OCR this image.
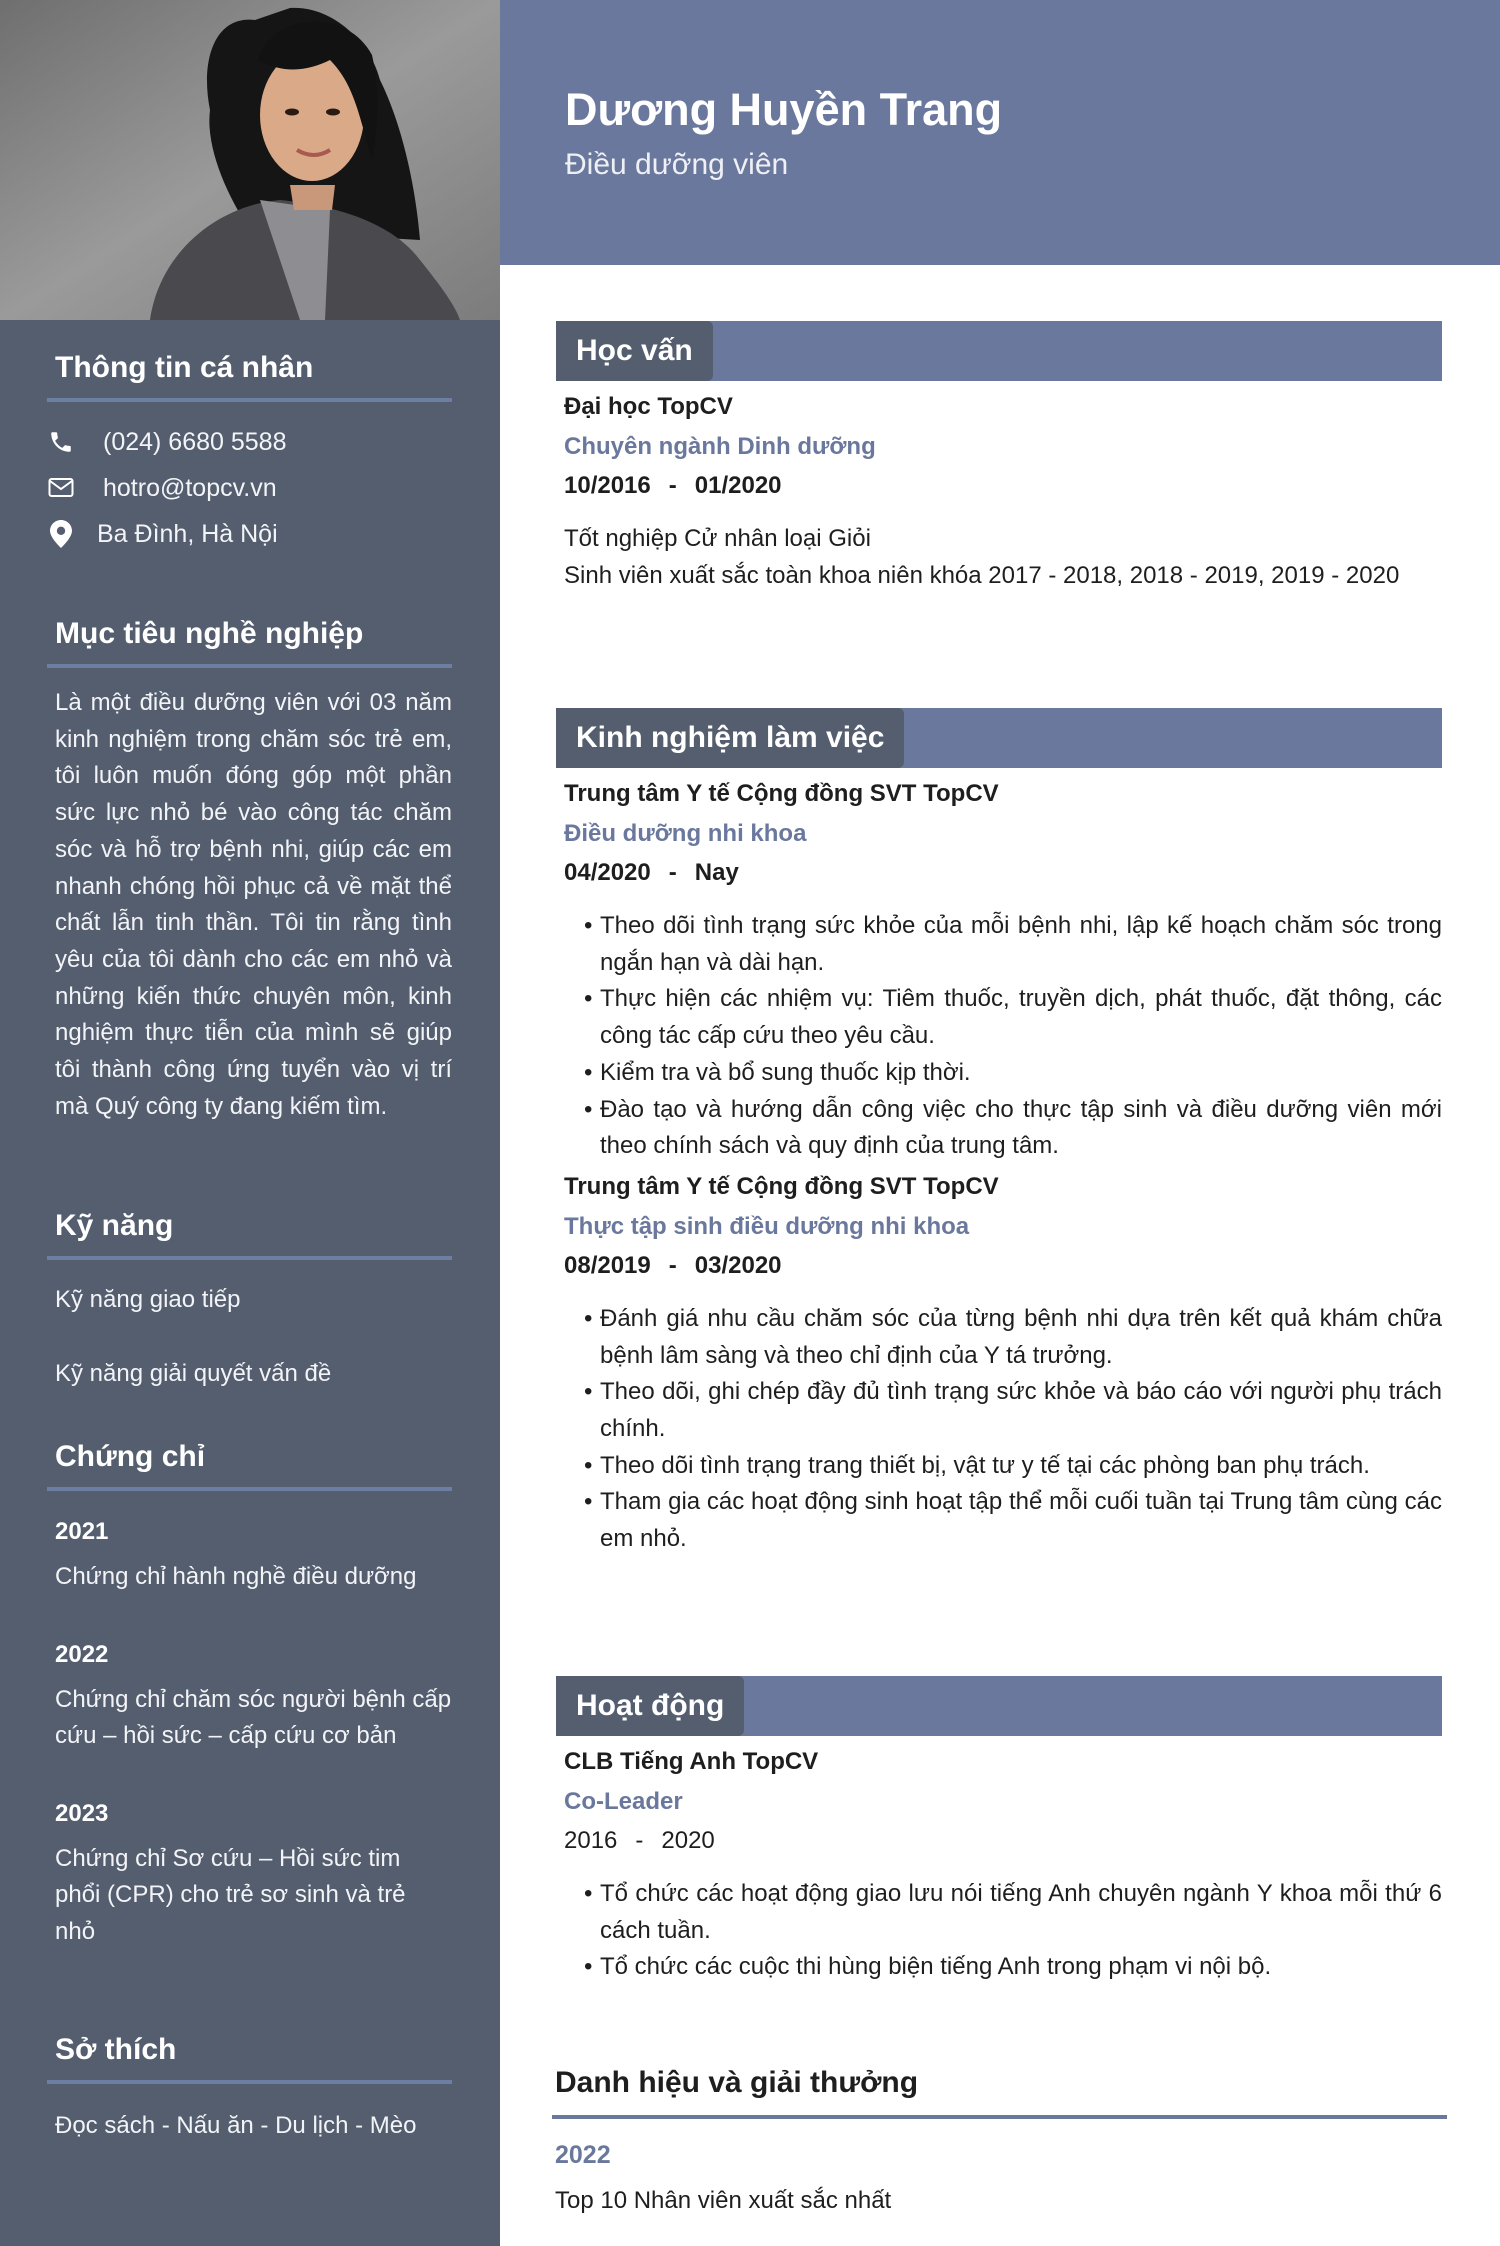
Thông tin cá nhân
(024) 6680 5588
hotro@topcv.vn
Ba Đình, Hà Nội
Mục tiêu nghề nghiệp

Là một điều dưỡng viên với 03 năm kinh nghiệm trong chăm sóc trẻ em, tôi luôn muốn đóng góp một phần sức lực nhỏ bé vào công tác chăm sóc và hỗ trợ bệnh nhi, giúp các em nhanh chóng hồi phục cả về mặt thể chất lẫn tinh thần. Tôi tin rằng tình yêu của tôi dành cho các em nhỏ và những kiến thức chuyên môn, kinh nghiệm thực tiễn của mình sẽ giúp tôi thành công ứng tuyển vào vị trí mà Quý công ty đang kiếm tìm.

Kỹ năng
Kỹ năng giao tiếp
Kỹ năng giải quyết vấn đề
Chứng chỉ
2021
Chứng chỉ hành nghề điều dưỡng
2022
Chứng chỉ chăm sóc người bệnh cấp cứu – hồi sức – cấp cứu cơ bản
2023
Chứng chỉ Sơ cứu – Hồi sức tim phổi (CPR) cho trẻ sơ sinh và trẻ nhỏ
Sở thích
Đọc sách - Nấu ăn - Du lịch - Mèo
Dương Huyền Trang
Điều dưỡng viên
Học vấn
Đại học TopCV
Chuyên ngành Dinh dưỡng
10/2016 - 01/2020
Tốt nghiệp Cử nhân loại Giỏi
Sinh viên xuất sắc toàn khoa niên khóa 2017 - 2018, 2018 - 2019, 2019 - 2020
Kinh nghiệm làm việc
Trung tâm Y tế Cộng đồng SVT TopCV
Điều dưỡng nhi khoa
04/2020 - Nay
• Theo dõi tình trạng sức khỏe của mỗi bệnh nhi, lập kế hoạch chăm sóc trong ngắn hạn và dài hạn.
• Thực hiện các nhiệm vụ: Tiêm thuốc, truyền dịch, phát thuốc, đặt thông, các công tác cấp cứu theo yêu cầu.
• Kiểm tra và bổ sung thuốc kịp thời.
• Đào tạo và hướng dẫn công việc cho thực tập sinh và điều dưỡng viên mới theo chính sách và quy định của trung tâm.
Trung tâm Y tế Cộng đồng SVT TopCV
Thực tập sinh điều dưỡng nhi khoa
08/2019 - 03/2020
• Đánh giá nhu cầu chăm sóc của từng bệnh nhi dựa trên kết quả khám chữa bệnh lâm sàng và theo chỉ định của Y tá trưởng.
• Theo dõi, ghi chép đầy đủ tình trạng sức khỏe và báo cáo với người phụ trách chính.
• Theo dõi tình trạng trang thiết bị, vật tư y tế tại các phòng ban phụ trách.
• Tham gia các hoạt động sinh hoạt tập thể mỗi cuối tuần tại Trung tâm cùng các em nhỏ.
Hoạt động
CLB Tiếng Anh TopCV
Co-Leader
2016 - 2020
• Tổ chức các hoạt động giao lưu nói tiếng Anh chuyên ngành Y khoa mỗi thứ 6 cách tuần.
• Tổ chức các cuộc thi hùng biện tiếng Anh trong phạm vi nội bộ.
Danh hiệu và giải thưởng
2022
Top 10 Nhân viên xuất sắc nhất
